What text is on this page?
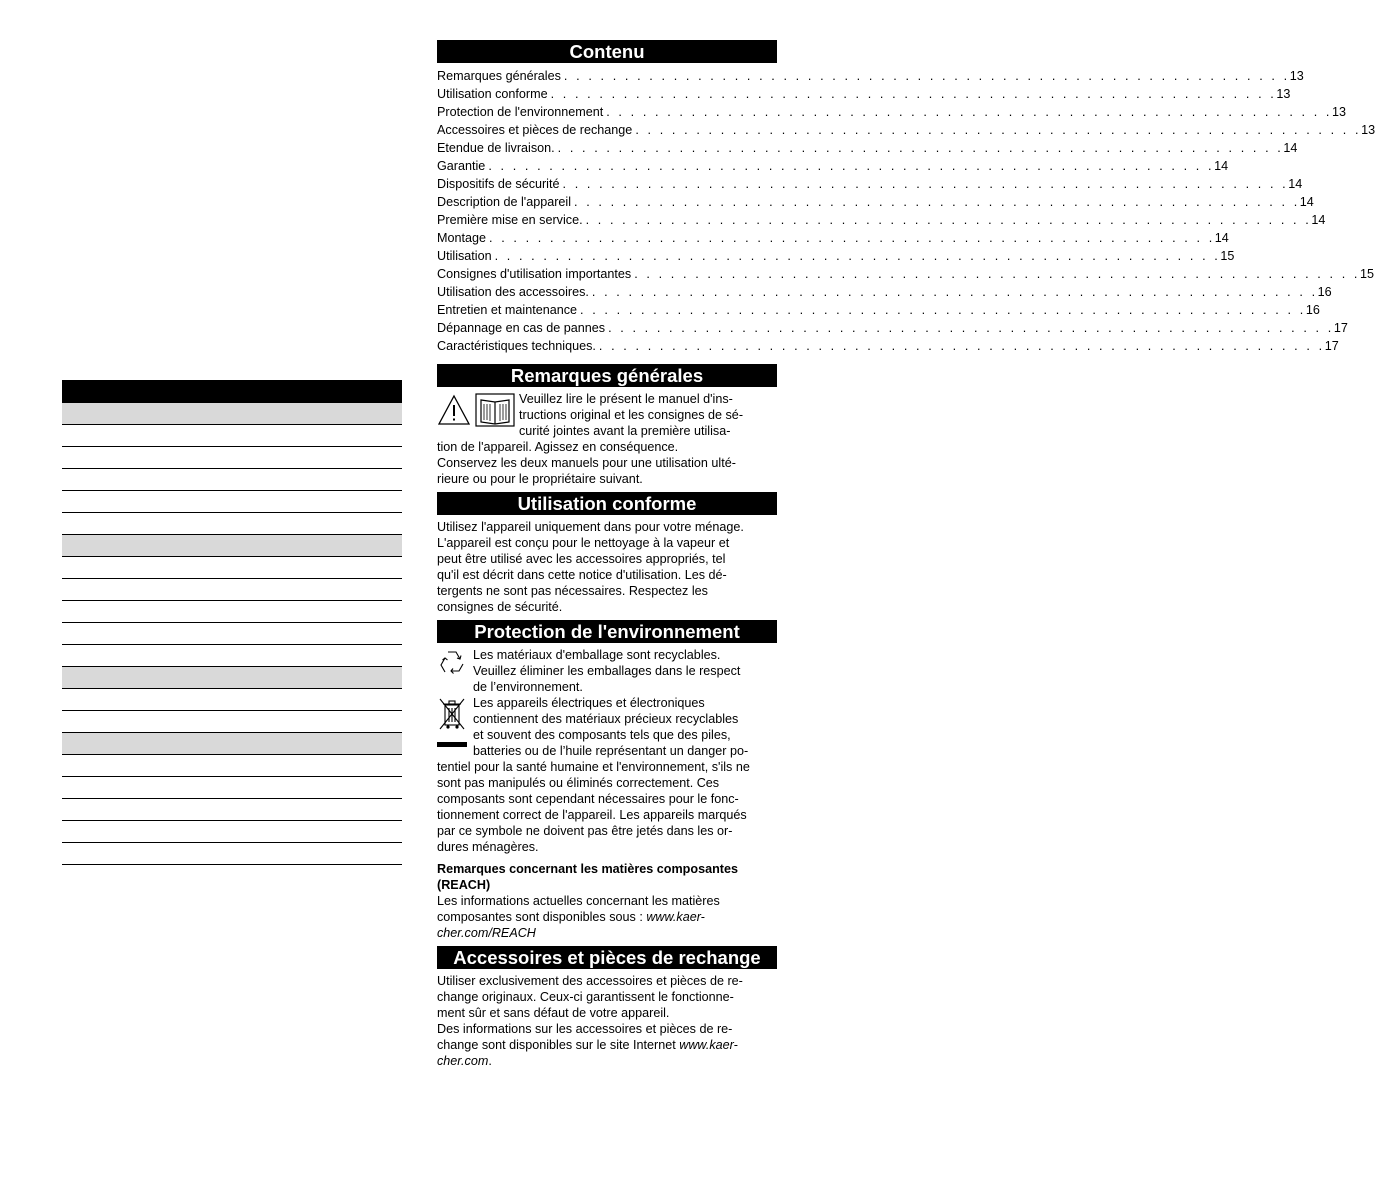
Contenu
Remarques générales . . . . . . . . . . . . . . . . . . . . . . . . . . . . . . . . . . . . . . . . . . . . . . . . . . . . . . . . . . . . 13
Utilisation conforme . . . . . . . . . . . . . . . . . . . . . . . . . . . . . . . . . . . . . . . . . . . . . . . . . . . . . . . . . . . . 13
Protection de l'environnement . . . . . . . . . . . . . . . . . . . . . . . . . . . . . . . . . . . . . . . . . . . . . . . . . . . . . . . . . . . . 13
Accessoires et pièces de rechange . . . . . . . . . . . . . . . . . . . . . . . . . . . . . . . . . . . . . . . . . . . . . . . . . . . . . . . . . . . . 13
Etendue de livraison. . . . . . . . . . . . . . . . . . . . . . . . . . . . . . . . . . . . . . . . . . . . . . . . . . . . . . . . . . . . . 14
Garantie . . . . . . . . . . . . . . . . . . . . . . . . . . . . . . . . . . . . . . . . . . . . . . . . . . . . . . . . . . . . 14
Dispositifs de sécurité . . . . . . . . . . . . . . . . . . . . . . . . . . . . . . . . . . . . . . . . . . . . . . . . . . . . . . . . . . . . 14
Description de l'appareil . . . . . . . . . . . . . . . . . . . . . . . . . . . . . . . . . . . . . . . . . . . . . . . . . . . . . . . . . . . . 14
Première mise en service. . . . . . . . . . . . . . . . . . . . . . . . . . . . . . . . . . . . . . . . . . . . . . . . . . . . . . . . . . . . . 14
Montage . . . . . . . . . . . . . . . . . . . . . . . . . . . . . . . . . . . . . . . . . . . . . . . . . . . . . . . . . . . . 14
Utilisation . . . . . . . . . . . . . . . . . . . . . . . . . . . . . . . . . . . . . . . . . . . . . . . . . . . . . . . . . . . . 15
Consignes d'utilisation importantes . . . . . . . . . . . . . . . . . . . . . . . . . . . . . . . . . . . . . . . . . . . . . . . . . . . . . . . . . . . . 15
Utilisation des accessoires. . . . . . . . . . . . . . . . . . . . . . . . . . . . . . . . . . . . . . . . . . . . . . . . . . . . . . . . . . . . . 16
Entretien et maintenance . . . . . . . . . . . . . . . . . . . . . . . . . . . . . . . . . . . . . . . . . . . . . . . . . . . . . . . . . . . . 16
Dépannage en cas de pannes . . . . . . . . . . . . . . . . . . . . . . . . . . . . . . . . . . . . . . . . . . . . . . . . . . . . . . . . . . . . 17
Caractéristiques techniques. . . . . . . . . . . . . . . . . . . . . . . . . . . . . . . . . . . . . . . . . . . . . . . . . . . . . . . . . . . . . 17
Remarques générales

Veuillez lire le présent le manuel d'ins-

tructions original et les consignes de sé-

curité jointes avant la première utilisa-

tion de l'appareil. Agissez en conséquence.

Conservez les deux manuels pour une utilisation ulté-

rieure ou pour le propriétaire suivant.

Utilisation conforme

Utilisez l'appareil uniquement dans pour votre ménage.

L'appareil est conçu pour le nettoyage à la vapeur et

peut être utilisé avec les accessoires appropriés, tel

qu'il est décrit dans cette notice d'utilisation. Les dé-

tergents ne sont pas nécessaires. Respectez les

consignes de sécurité.

Protection de l'environnement

Les matériaux d'emballage sont recyclables.

Veuillez éliminer les emballages dans le respect

de l’environnement.

Les appareils électriques et électroniques

contiennent des matériaux précieux recyclables

et souvent des composants tels que des piles,

batteries ou de l’huile représentant un danger po-

tentiel pour la santé humaine et l'environnement, s'ils ne

sont pas manipulés ou éliminés correctement. Ces

composants sont cependant nécessaires pour le fonc-

tionnement correct de l'appareil. Les appareils marqués

par ce symbole ne doivent pas être jetés dans les or-

dures ménagères.

Remarques concernant les matières composantes

(REACH)

Les informations actuelles concernant les matières

composantes sont disponibles sous : www.kaer-

cher.com/REACH

Accessoires et pièces de rechange

Utiliser exclusivement des accessoires et pièces de re-

change originaux. Ceux-ci garantissent le fonctionne-

ment sûr et sans défaut de votre appareil.

Des informations sur les accessoires et pièces de re-

change sont disponibles sur le site Internet www.kaer-

cher.com.
